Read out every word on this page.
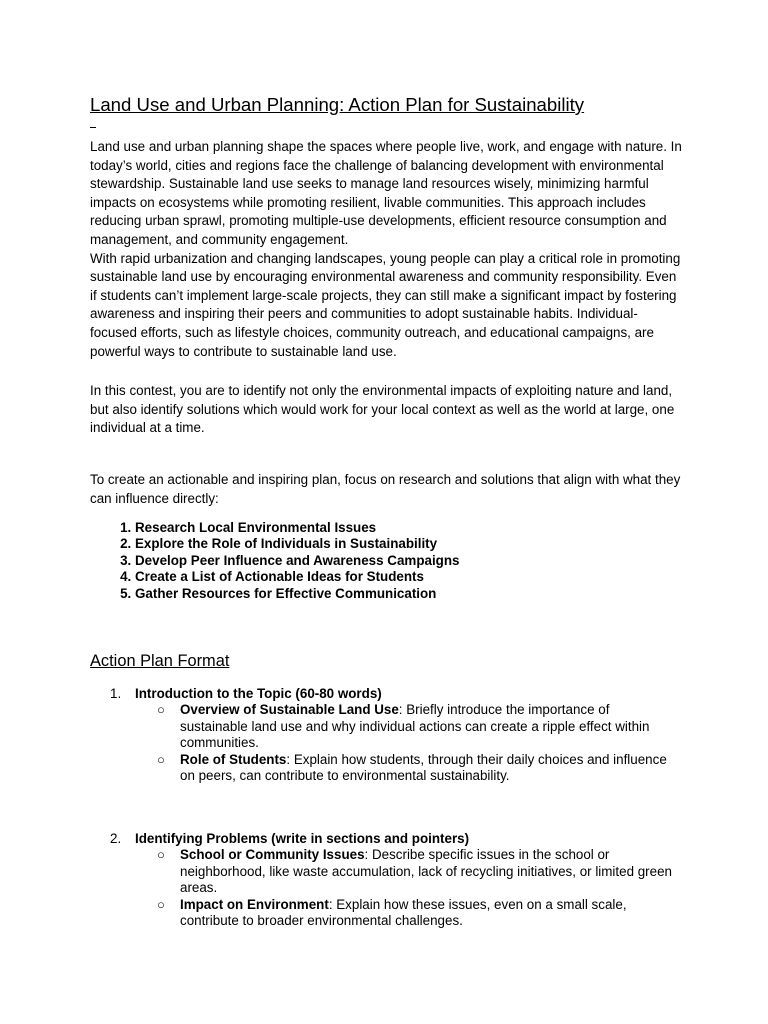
Land Use and Urban Planning: Action Plan for Sustainability

Land use and urban planning shape the spaces where people live, work, and engage with nature. In today’s world, cities and regions face the challenge of balancing development with environmental stewardship. Sustainable land use seeks to manage land resources wisely, minimizing harmful impacts on ecosystems while promoting resilient, livable communities. This approach includes reducing urban sprawl, promoting multiple-use developments, efficient resource consumption and management, and community engagement.

With rapid urbanization and changing landscapes, young people can play a critical role in promoting sustainable land use by encouraging environmental awareness and community responsibility. Even if students can’t implement large-scale projects, they can still make a significant impact by fostering awareness and inspiring their peers and communities to adopt sustainable habits. Individual-focused efforts, such as lifestyle choices, community outreach, and educational campaigns, are powerful ways to contribute to sustainable land use.

In this contest, you are to identify not only the environmental impacts of exploiting nature and land, but also identify solutions which would work for your local context as well as the world at large, one individual at a time.

To create an actionable and inspiring plan, focus on research and solutions that align with what they can influence directly:

1. Research Local Environmental Issues
2. Explore the Role of Individuals in Sustainability
3. Develop Peer Influence and Awareness Campaigns
4. Create a List of Actionable Ideas for Students
5. Gather Resources for Effective Communication
Action Plan Format
1. Introduction to the Topic (60-80 words)
○ Overview of Sustainable Land Use: Briefly introduce the importance of sustainable land use and why individual actions can create a ripple effect within communities.
○ Role of Students: Explain how students, through their daily choices and influence on peers, can contribute to environmental sustainability.
2. Identifying Problems (write in sections and pointers)
○ School or Community Issues: Describe specific issues in the school or neighborhood, like waste accumulation, lack of recycling initiatives, or limited green areas.
○ Impact on Environment: Explain how these issues, even on a small scale, contribute to broader environmental challenges.
